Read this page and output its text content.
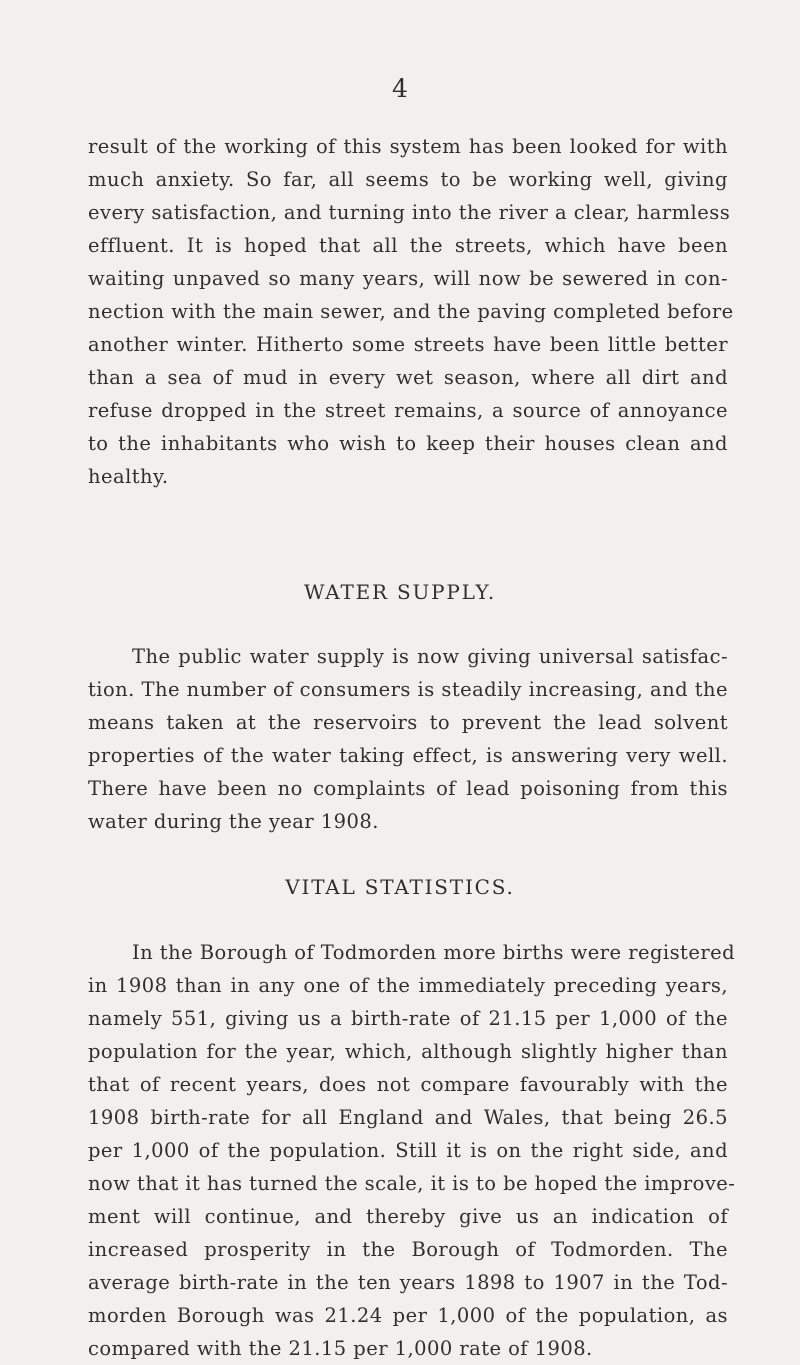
4
result of the working of this system has been looked for with
much anxiety. So far, all seems to be working well, giving
every satisfaction, and turning into the river a clear, harmless
effluent. It is hoped that all the streets, which have been
waiting unpaved so many years, will now be sewered in con-
nection with the main sewer, and the paving completed before
another winter. Hitherto some streets have been little better
than a sea of mud in every wet season, where all dirt and
refuse dropped in the street remains, a source of annoyance
to the inhabitants who wish to keep their houses clean and
healthy.
WATER SUPPLY.
The public water supply is now giving universal satisfac-
tion. The number of consumers is steadily increasing, and the
means taken at the reservoirs to prevent the lead solvent
properties of the water taking effect, is answering very well.
There have been no complaints of lead poisoning from this
water during the year 1908.
VITAL STATISTICS.
In the Borough of Todmorden more births were registered
in 1908 than in any one of the immediately preceding years,
namely 551, giving us a birth-rate of 21.15 per 1,000 of the
population for the year, which, although slightly higher than
that of recent years, does not compare favourably with the
1908 birth-rate for all England and Wales, that being 26.5
per 1,000 of the population. Still it is on the right side, and
now that it has turned the scale, it is to be hoped the improve-
ment will continue, and thereby give us an indication of
increased prosperity in the Borough of Todmorden. The
average birth-rate in the ten years 1898 to 1907 in the Tod-
morden Borough was 21.24 per 1,000 of the population, as
compared with the 21.15 per 1,000 rate of 1908.
